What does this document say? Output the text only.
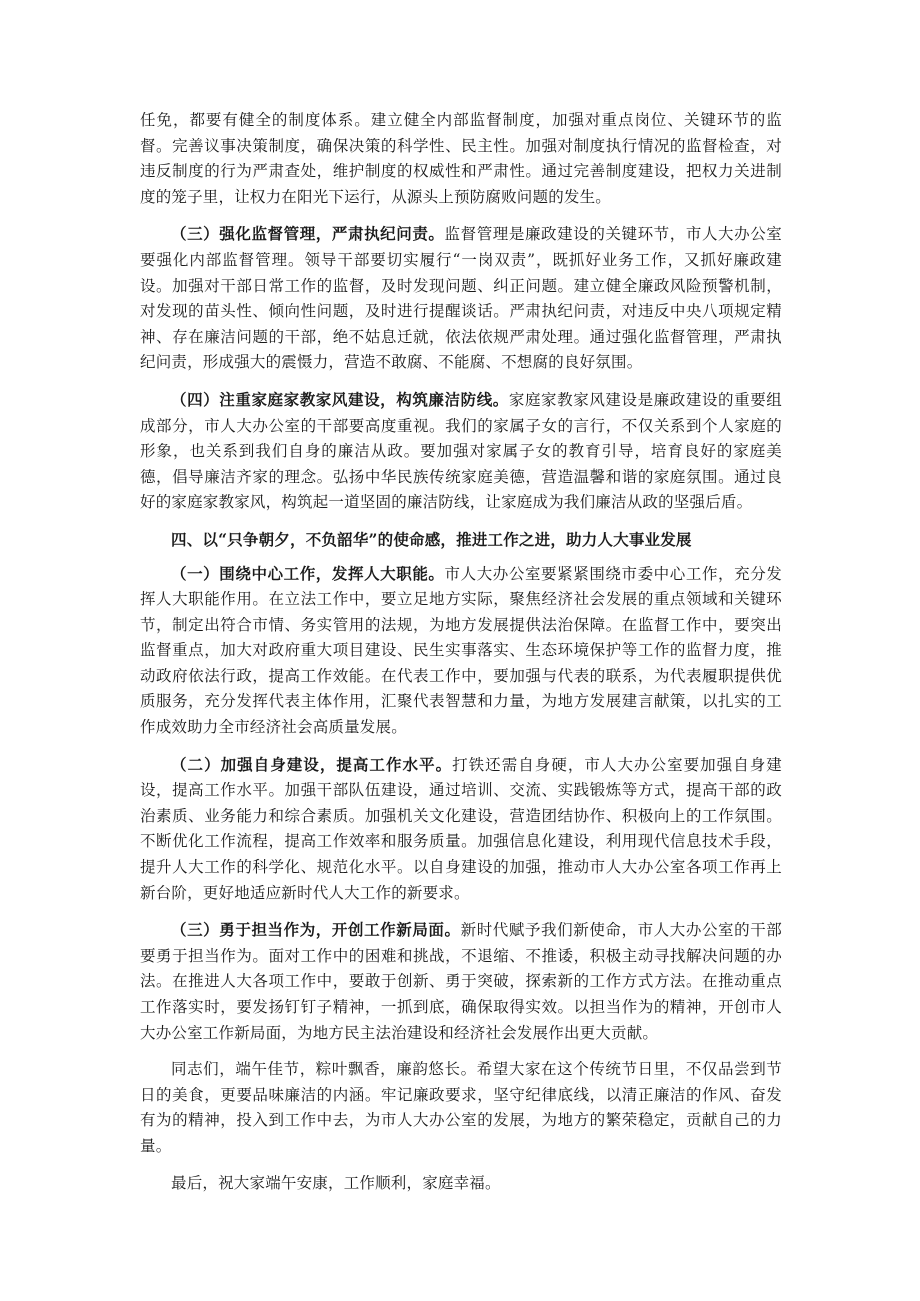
任免，都要有健全的制度体系。建立健全内部监督制度，加强对重点岗位、关键环节的监督。完善议事决策制度，确保决策的科学性、民主性。加强对制度执行情况的监督检查，对违反制度的行为严肃查处，维护制度的权威性和严肃性。通过完善制度建设，把权力关进制度的笼子里，让权力在阳光下运行，从源头上预防腐败问题的发生。

（三）强化监督管理，严肃执纪问责。监督管理是廉政建设的关键环节，市人大办公室要强化内部监督管理。领导干部要切实履行“一岗双责”，既抓好业务工作，又抓好廉政建设。加强对干部日常工作的监督，及时发现问题、纠正问题。建立健全廉政风险预警机制，对发现的苗头性、倾向性问题，及时进行提醒谈话。严肃执纪问责，对违反中央八项规定精神、存在廉洁问题的干部，绝不姑息迁就，依法依规严肃处理。通过强化监督管理，严肃执纪问责，形成强大的震慑力，营造不敢腐、不能腐、不想腐的良好氛围。

（四）注重家庭家教家风建设，构筑廉洁防线。家庭家教家风建设是廉政建设的重要组成部分，市人大办公室的干部要高度重视。我们的家属子女的言行，不仅关系到个人家庭的形象，也关系到我们自身的廉洁从政。要加强对家属子女的教育引导，培育良好的家庭美德，倡导廉洁齐家的理念。弘扬中华民族传统家庭美德，营造温馨和谐的家庭氛围。通过良好的家庭家教家风，构筑起一道坚固的廉洁防线，让家庭成为我们廉洁从政的坚强后盾。

四、以“只争朝夕，不负韶华”的使命感，推进工作之进，助力人大事业发展

（一）围绕中心工作，发挥人大职能。市人大办公室要紧紧围绕市委中心工作，充分发挥人大职能作用。在立法工作中，要立足地方实际，聚焦经济社会发展的重点领域和关键环节，制定出符合市情、务实管用的法规，为地方发展提供法治保障。在监督工作中，要突出监督重点，加大对政府重大项目建设、民生实事落实、生态环境保护等工作的监督力度，推动政府依法行政，提高工作效能。在代表工作中，要加强与代表的联系，为代表履职提供优质服务，充分发挥代表主体作用，汇聚代表智慧和力量，为地方发展建言献策，以扎实的工作成效助力全市经济社会高质量发展。

（二）加强自身建设，提高工作水平。打铁还需自身硬，市人大办公室要加强自身建设，提高工作水平。加强干部队伍建设，通过培训、交流、实践锻炼等方式，提高干部的政治素质、业务能力和综合素质。加强机关文化建设，营造团结协作、积极向上的工作氛围。不断优化工作流程，提高工作效率和服务质量。加强信息化建设，利用现代信息技术手段，提升人大工作的科学化、规范化水平。以自身建设的加强，推动市人大办公室各项工作再上新台阶，更好地适应新时代人大工作的新要求。

（三）勇于担当作为，开创工作新局面。新时代赋予我们新使命，市人大办公室的干部要勇于担当作为。面对工作中的困难和挑战，不退缩、不推诿，积极主动寻找解决问题的办法。在推进人大各项工作中，要敢于创新、勇于突破，探索新的工作方式方法。在推动重点工作落实时，要发扬钉钉子精神，一抓到底，确保取得实效。以担当作为的精神，开创市人大办公室工作新局面，为地方民主法治建设和经济社会发展作出更大贡献。

同志们，端午佳节，粽叶飘香，廉韵悠长。希望大家在这个传统节日里，不仅品尝到节日的美食，更要品味廉洁的内涵。牢记廉政要求，坚守纪律底线，以清正廉洁的作风、奋发有为的精神，投入到工作中去，为市人大办公室的发展，为地方的繁荣稳定，贡献自己的力量。

最后，祝大家端午安康，工作顺利，家庭幸福。
